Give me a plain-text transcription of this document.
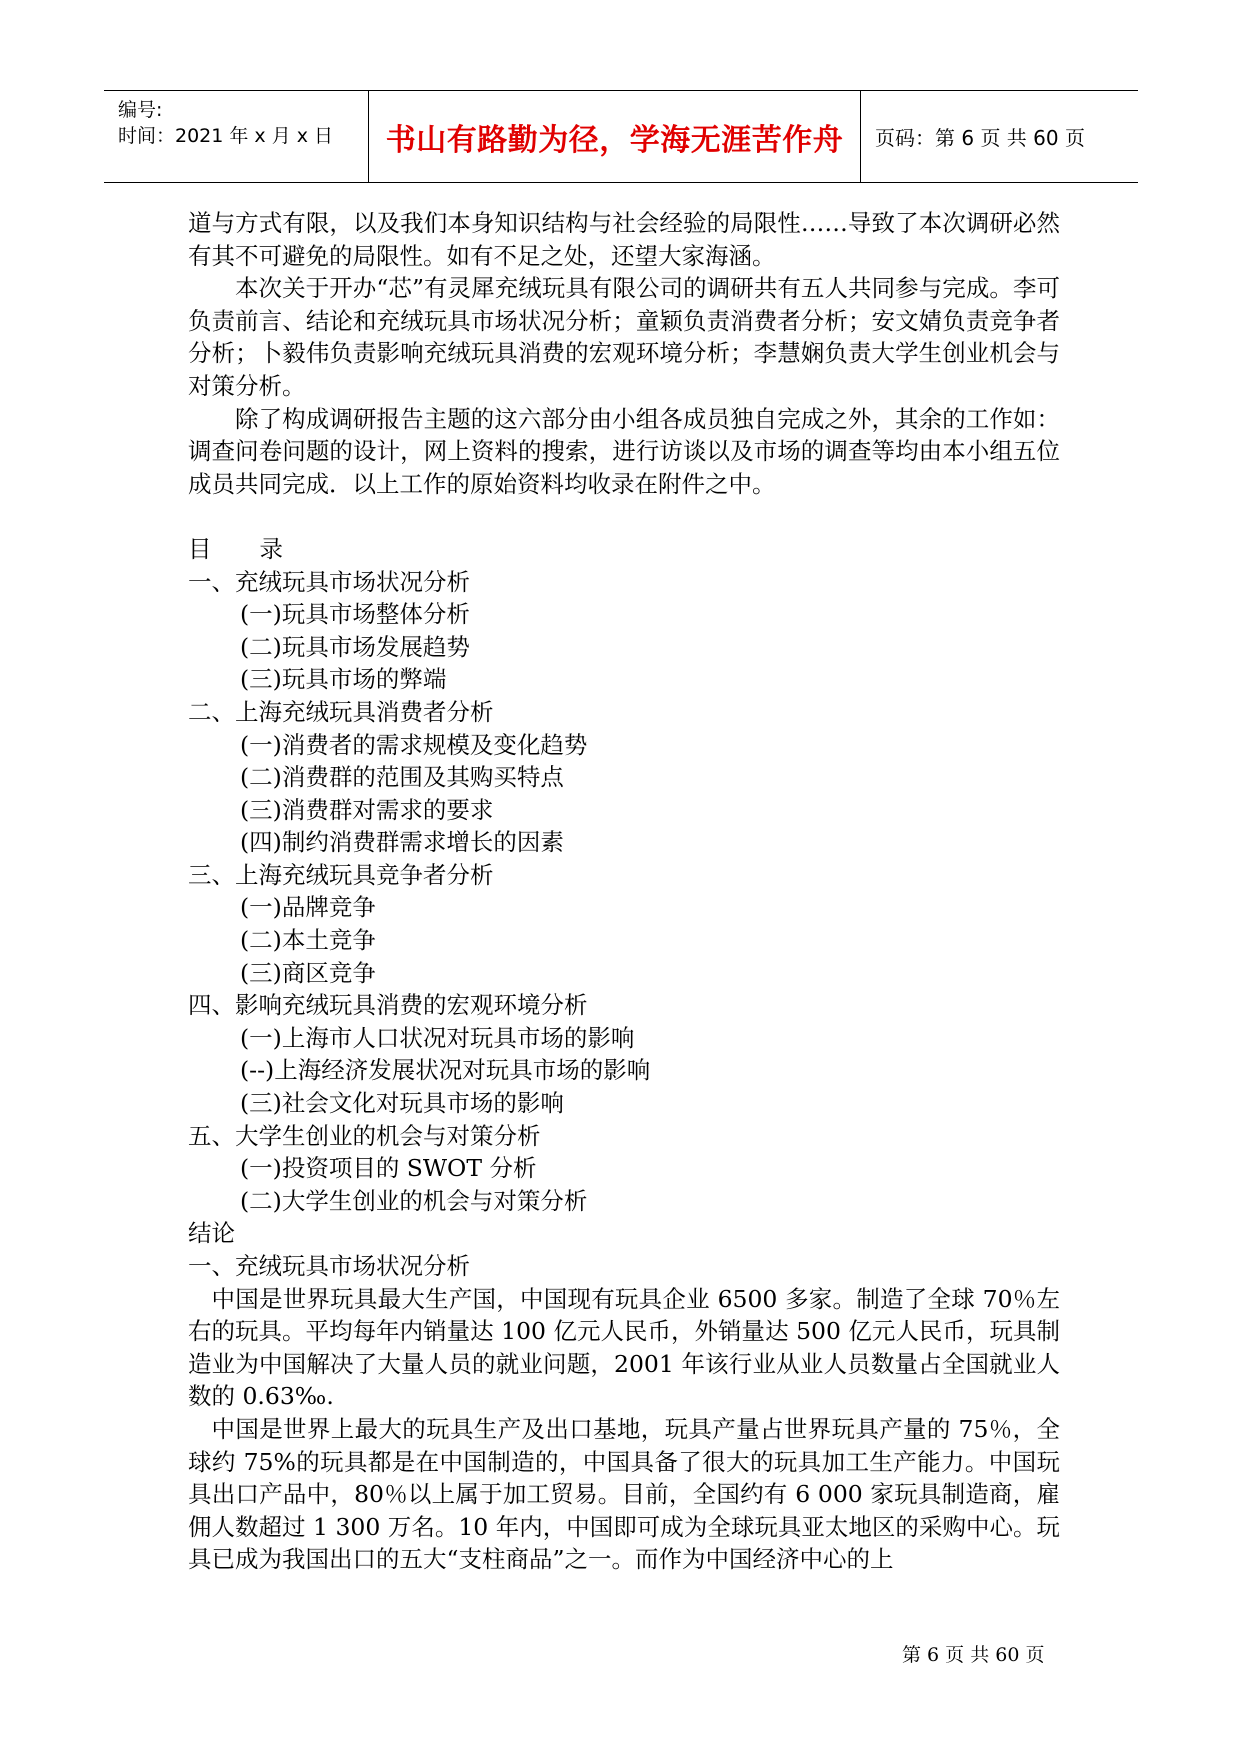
编号:
时间：2021 年 x 月 x 日 书山有路勤为径，学海无涯苦作舟 页码：第 6 页 共 60 页

道与方式有限，以及我们本身知识结构与社会经验的局限性……导致了本次调研必然有其不可避免的局限性。如有不足之处，还望大家海涵。

本次关于开办“芯”有灵犀充绒玩具有限公司的调研共有五人共同参与完成。李可负责前言、结论和充绒玩具市场状况分析；童颖负责消费者分析；安文婧负责竞争者分析；卜毅伟负责影响充绒玩具消费的宏观环境分析；李慧娴负责大学生创业机会与对策分析。

除了构成调研报告主题的这六部分由小组各成员独自完成之外，其余的工作如：调查问卷问题的设计，网上资料的搜索，进行访谈以及市场的调查等均由本小组五位成员共同完成．以上工作的原始资料均收录在附件之中。

目 录

一、充绒玩具市场状况分析

(一)玩具市场整体分析

(二)玩具市场发展趋势

(三)玩具市场的弊端

二、上海充绒玩具消费者分析

(一)消费者的需求规模及变化趋势

(二)消费群的范围及其购买特点

(三)消费群对需求的要求

(四)制约消费群需求增长的因素

三、上海充绒玩具竞争者分析

(一)品牌竞争

(二)本土竞争

(三)商区竞争

四、影响充绒玩具消费的宏观环境分析

(一)上海市人口状况对玩具市场的影响

(--)上海经济发展状况对玩具市场的影响

(三)社会文化对玩具市场的影响

五、大学生创业的机会与对策分析

(一)投资项目的 SWOT 分析

(二)大学生创业的机会与对策分析

结论

一、充绒玩具市场状况分析

中国是世界玩具最大生产国，中国现有玩具企业 6500 多家。制造了全球 70％左右的玩具。平均每年内销量达 100 亿元人民币，外销量达 500 亿元人民币，玩具制造业为中国解决了大量人员的就业问题，2001 年该行业从业人员数量占全国就业人数的 0.63‰.

中国是世界上最大的玩具生产及出口基地，玩具产量占世界玩具产量的 75％，全球约 75%的玩具都是在中国制造的，中国具备了很大的玩具加工生产能力。中国玩具出口产品中，80％以上属于加工贸易。目前，全国约有 6 000 家玩具制造商，雇佣人数超过 1 300 万名。10 年内，中国即可成为全球玩具亚太地区的采购中心。玩具已成为我国出口的五大“支柱商品”之一。而作为中国经济中心的上

第 6 页 共 60 页
